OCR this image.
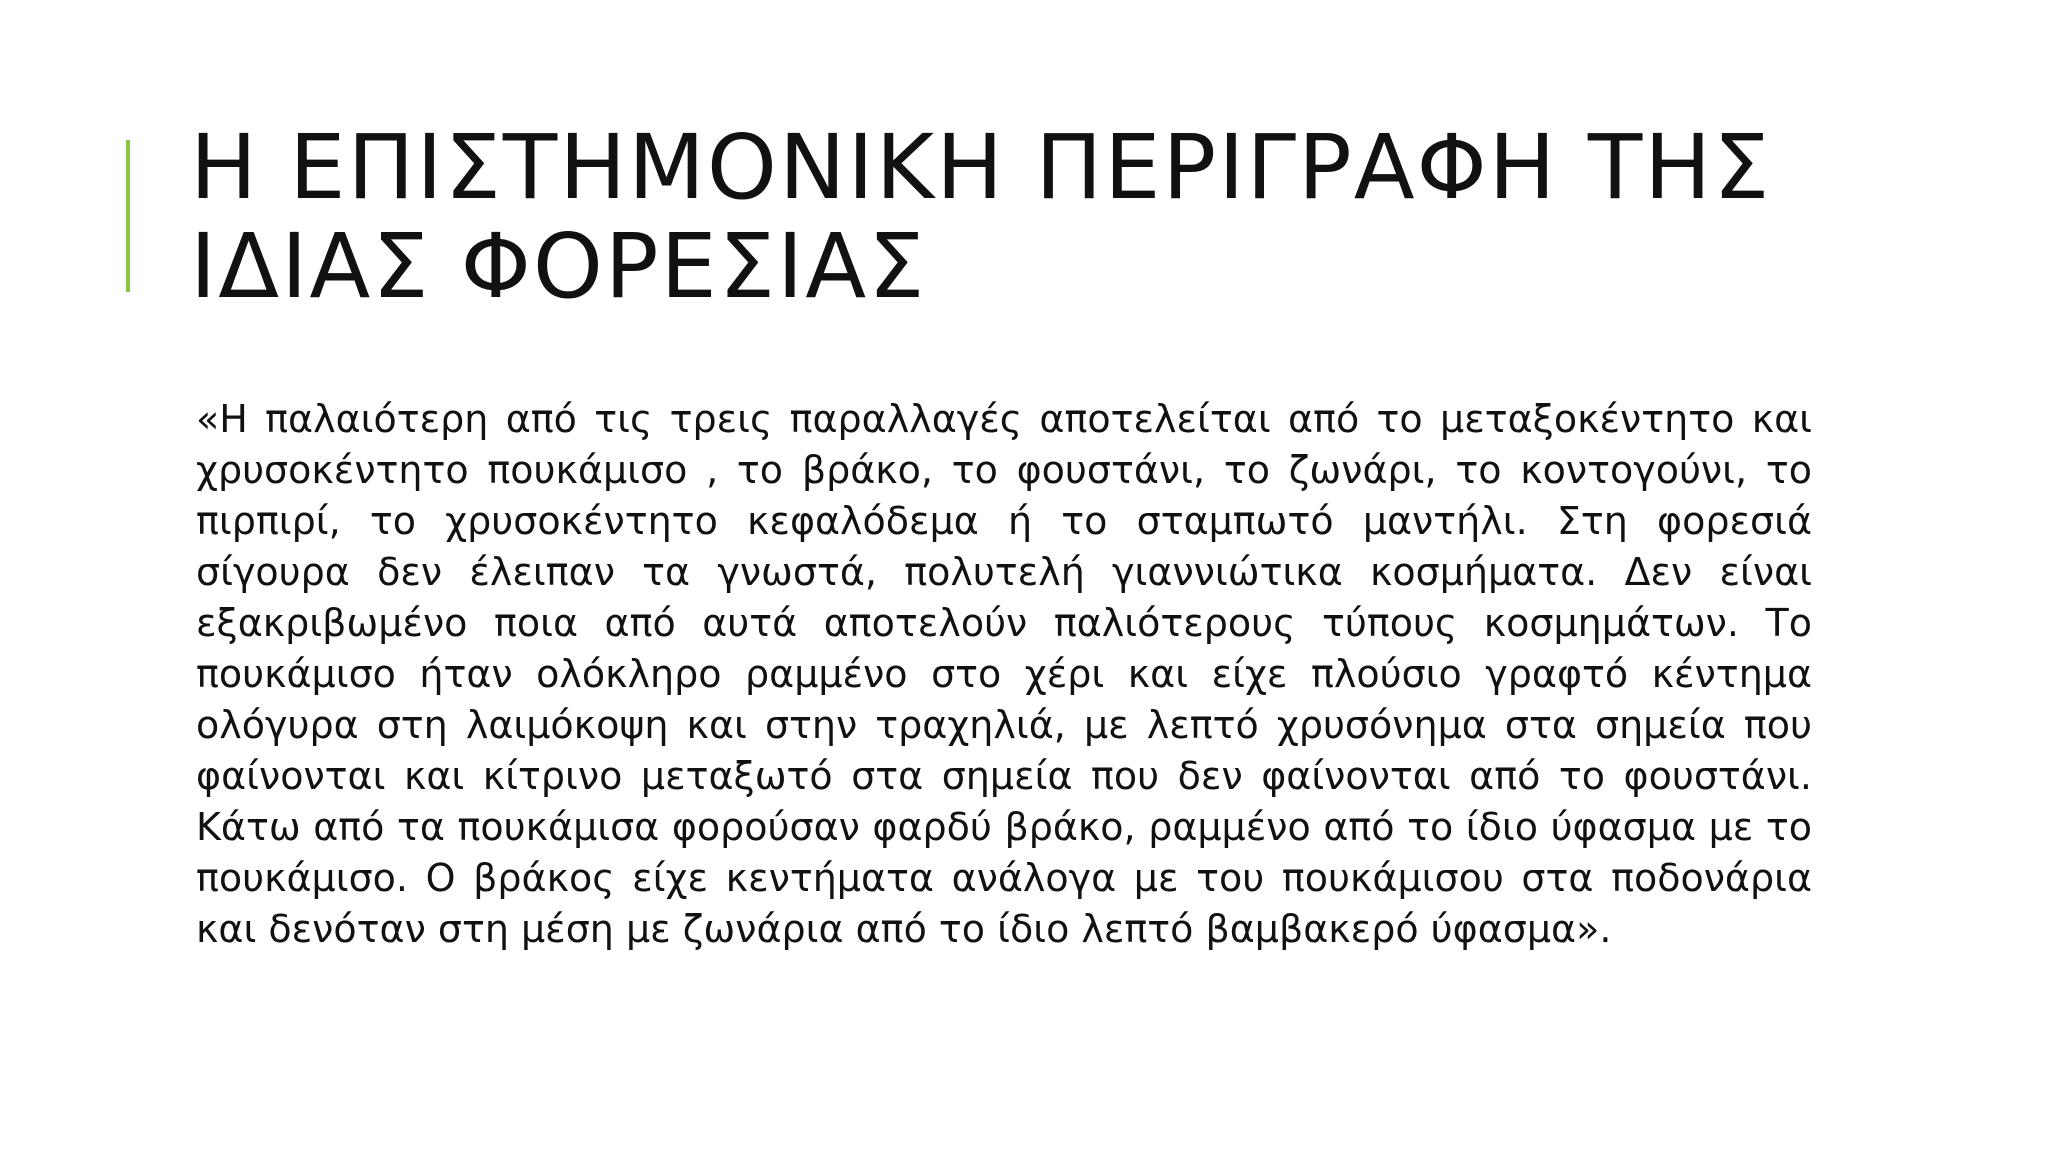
Η ΕΠΙΣΤΗΜΟΝΙΚΗ ΠΕΡΙΓΡΑΦΗ ΤΗΣ
ΙΔΙΑΣ ΦΟΡΕΣΙΑΣ

«Η παλαιότερη από τις τρεις παραλλαγές αποτελείται από το μεταξοκέντητο και χρυσοκέντητο πουκάμισο , το βράκο, το φουστάνι, το ζωνάρι, το κοντογούνι, το πιρπιρί, το χρυσοκέντητο κεφαλόδεμα ή το σταμπωτό μαντήλι. Στη φορεσιά σίγουρα δεν έλειπαν τα γνωστά, πολυτελή γιαννιώτικα κοσμήματα. Δεν είναι εξακριβωμένο ποια από αυτά αποτελούν παλιότερους τύπους κοσμημάτων. Το πουκάμισο ήταν ολόκληρο ραμμένο στο χέρι και είχε πλούσιο γραφτό κέντημα ολόγυρα στη λαιμόκοψη και στην τραχηλιά, με λεπτό χρυσόνημα στα σημεία που φαίνονται και κίτρινο μεταξωτό στα σημεία που δεν φαίνονται από το φουστάνι. Κάτω από τα πουκάμισα φορούσαν φαρδύ βράκο, ραμμένο από το ίδιο ύφασμα με το πουκάμισο. Ο βράκος είχε κεντήματα ανάλογα με του πουκάμισου στα ποδονάρια και δενόταν στη μέση με ζωνάρια από το ίδιο λεπτό βαμβακερό ύφασμα».
